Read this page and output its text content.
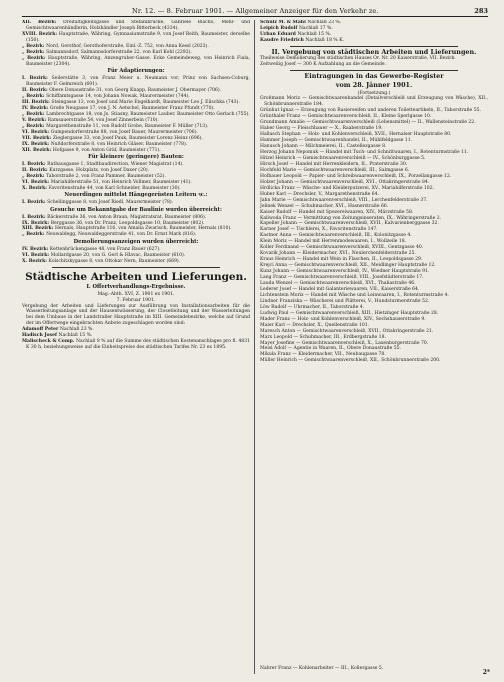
Nr. 12. — 8. Februar 1901. — Allgemeiner Anzeiger für den Verkehr ze.	283

XII. Bezirk: Dreifaltigkeitsgasse und Stefanibrücke, Gabriele Blacho, Mehl- und Gemischtwaarenhändlerin, Holzhändler Joseph Bitterbeck (4334).

XVIII. Bezirk: Hauptstraße, Währing, Gymnasiumstraße 9, von Josef Beith, Baumeister, derselbe (150).

„ Bezirk: Nord, Gersthof, Gersthoferstraße, Einl.-Z. 752, von Anna Kessl (2023).

„ Bezirk: Salmannsdorf, Salmannsdorferstraße 22, von Karl Kohl (2292).

„ Bezirk: Hauptstraße, Währing, Anzengruber-Gasse, Ecke Gemeindeweg, von Heinrich Fiala, Baumeister (2304).

Für Adaptierungen:

I. Bezirk: Seilerstätte 3, von Franz Meier u. Neumann vor, Prinz von Sachsen-Coburg, Baumeister F. Gelmreich (691).

II. Bezirk: Obere Donaustraße 31, von Georg Knapp, Baumeister J. Obermayer (706).

„ Bezirk: Schiffamtsgasse 14, von Johann Nowak, Maurermeister (744).

III. Bezirk: Steingasse 13, von Josef und Marie Engelhardt, Baumeister Leo J. Elischka (743).

IV. Bezirk: Große Neugasse 17, von J. N. Aetschel, Baumeister Franz Pfundt (770).

„ Bezirk: Lambrechtgasse 18, von Js. Stiasny, Baumeister Lauber, Baumeister Otto Gerlach (755).

V. Bezirk: Ramsauerstraße 54, von Josef Zinnerbein (710).

„ Bezirk: Margarethenstraße 11, von Rudolf Grobe, Baumeister F. Müller (713).

VI. Bezirk: Gumpendorferstraße 88, von Josef Bauer, Maurermeister (706).

VII. Bezirk: Zieglergasse 33, von Josef Pauk, Baumeister Lorenz Heinz (696).

IX. Bezirk: Nußdorferstraße 8, von Heinrich Gläser, Baumeister (778).

XII. Bezirk: Hofgasse 9, von Anton Gräf, Baumeister (771).

Für kleinere (geringere) Bauten:

I. Bezirk: Rathausgasse 1, Stadtbaudirection, Wiener Magistrat (14).

II. Bezirk: Kurzgasse, Holzplatz, von Josef Daxer (20).

„ Bezirk: Taborstraße 2, von Franz Pammer, Baumeister (52).

VI. Bezirk: Mariahilferstraße 51, von Heinrich Vollmer, Baumeister (41).

X. Bezirk: Favoritenstraße 44, von Karl Schneider, Baumeister (30).

Neuerdingen mittelst Hängegerüsten Leitern ꝛc.:

I. Bezirk: Schellinggasse 8, von Josef Riedl, Maurermeister (78).

Gesuche um Bekanntgabe der Baulinie wurden überreicht:

I. Bezirk: Bäckerstraße 36, von Anton Braun, Magistratsrat, Baumeister (806).

IX. Bezirk: Berggasse 36, von Dr. Pranz, Leopoldsgasse 10, Baumeister (802).

XIII. Bezirk: Hernals, Hauptstraße 116, von Amalia Zwarisch, Baumeister, Hernals (810).

„ Bezirk: Neuwaldegg, Neuwaldeggerstraße 41, von Dr. Ernst Mark (816).

Demolierungsanzeigen wurden überreicht:

IV. Bezirk: Kettenbrückengasse 48, von Franz Bauer (627).

VI. Bezirk: Mollardgasse 20, von G. Gerl & Hlavac, Baumeister (610).

X. Bezirk: Kolschitzkygasse 8, von Ottokar Nern, Baumeister (669).

Städtische Arbeiten und Lieferungen.

I. Offertverhandlungs-Ergebnisse.

Mag.-Abth. XVI, Z. 1901 ex 1901.

7. Februar 1901.

Vergebung der Arbeiten und Lieferungen zur Ausführung von Installationsarbeiten für die Wasserleitungsanlage und der Hausentwässerung, der Closetleitung und der Wasserleitungen bei dem Umbaue in der Landstraßer Hauptstraße im XIII. Gemeindebezirke, welche auf Grund der im Offertwege eingebrachten Anbote zugeschlagen worden sind:

Adamoff Peter Nachlaß 23 %.

Hadisch Josef Nachlaß 15 %.

Malischeck & Comp. Nachlaß 8 % auf die Summe des städtischen Kostenanschlages pro fl. 4831 K 30 h, beziehungsweise auf die Einheitspreise des städtischen Tarifes Nr. 23 ex 1895.

Schulz M. & Stahl Nachlaß 23 %.

Leipich Rudolf Nachlaß 17 %.

Urban Eduard Nachlaß 15 %.

Kaudre Friedrich Nachlaß 18 % K.

II. Vergebung von städtischen Arbeiten und Lieferungen.

Theilweise Demolierung des städtischen Hauses Or. Nr. 20 Kaiserstraße, VII. Bezirk.

Zeitweilig Josef — 300 K Aufzahlung an die Gemeinde.

Eintragungen in das Gewerbe-Register

vom 28. Jänner 1901.

(Fortsetzung.)

Großmann Moriz — Gemischtwaarenhandel (Detailverschleiß und Erzeugung von Wäsche), XII., Schönbrunnerstraße 184.

Grünhut Ignaz — Erzeugung von Rasierseifen und anderen Toiletteartikeln, II., Taborstraße 55.

Grünthaler Franz — Gemischtwaarenverschleiß, II., Kleine Sperlgasse 10.

Grundmann Amalie — Gemischtwaarenverschleiß (Lebensmittel) — II., Wallensteinstraße 22.

Haber Georg — Fleischhauer — X., Raaberstraße 19.

Hallasch Stephan — Holz- und Kohlenverschleiß, XVII., Hernalser Hauptstraße 80.

Hammer Joseph — Gemischtwaarenhandel, II., Mühlfeldgasse 11.

Hanusch Johann — Milchmeierei, II., Castellezgasse 8.

Herzog Johann Nepomuk — Handel mit Tuch- und Schnittwaaren, I., Rotenturmstraße 11.

Hitzel Heinrich — Gemischtwaarenverschleiß — IV., Schönburggasse 5.

Hirsch Josef — Handel mit Herrenkleidern, II., Praterstraße 30.

Hochfeld Marie — Gemischtwaarenverschleiß, III., Salmgasse 6.

Hofbauer Leopold — Papier- und Schreibwaarenverschleiß, IX., Porzellangasse 12.

Holzer Johann — Gemischtwaarenverschleiß, XVI., Ottakringerstraße 84.

Hrdlicka Franz — Wäsche- und Kleiderputzerei, XV., Mariahilferstraße 182.

Huber Karl — Drechsler, V., Margarethenstraße 64.

Jahn Marie — Gemischtwaarenverschleiß, VIII., Lerchenfelderstraße 37.

Jelinek Wenzel — Schuhmacher, XVI., Hasnerstraße 66.

Kaiser Rudolf — Handel mit Spezereiwaaren, XIV., Märzstraße 58.

Kaliwoda Franz — Vermittlung von Zeitungsinseraten, IX., Währingerstraße 2.

Kapeller Johann — Gemischtwaarenverschleiß, XVII., Kalvarienberggasse 32.

Karner Josef — Tischlerei, X., Favoritenstraße 147.

Kastner Anna — Gemischtwaarenverschleiß, III., Kolonitzgasse 4.

Klein Moriz — Handel mit Herrenmodewaaren, I., Wollzeile 18.

Koller Ferdinand — Gemischtwaarenverschleiß, XVIII., Gentzgasse 40.

Kovarik Johann — Kleidermacher, XVI., Neulerchenfelderstraße 25.

Kraus Heinrich — Handel mit Wein in Flaschen, II., Leopoldsgasse 29.

Krejci Anna — Gemischtwaarenverschleiß, XII., Meidlinger Hauptstraße 12.

Kunz Johann — Gemischtwaarenverschleiß, IV., Wiedner Hauptstraße 91.

Lang Franz — Gemischtwaarenverschleiß, VIII., Josefstädterstraße 17.

Lauda Wenzel — Gemischtwaarenverschleiß, XVI., Thaliastraße 46.

Lederer Josef — Handel mit Galanteriewaaren, VII., Kaiserstraße 64.

Lichtenstein Moriz — Handel mit Wäsche und Leinwaaren, I., Rotenturmstraße 4.

Lindner Franziska — Wäscherei und Plätterei, V., Hundsturmerstraße 52.

Löw Rudolf — Uhrmacher, II., Taborstraße 4.

Ludwig Paul — Gemischtwaarenverschleiß, XIII., Hietzinger Hauptstraße 28.

Mader Franz — Holz- und Kohlenverschleiß, XIV., Sechshauserstraße 9.

Maier Karl — Drechsler, X., Quellenstraße 101.

Maresch Anton — Gemischtwaarenverschleiß, XVII., Ottakringerstraße 21.

Marx Leopold — Schuhmacher, III., Erdbergstraße 18.

Mayer Josefine — Gemischtwaarenverschleiß, X., Laxenburgerstraße 70.

Meisl Adolf — Agentie in Waaren, II., Obere Donaustraße 55.

Mikula Franz — Kleidermacher, VII., Neubaugasse 78.

Müller Heinrich — Gemischtwaarenverschleiß, XII., Schönbrunnerstraße 200.

Nahrer Franz — Kohlenarbeiter — III., Kollergasse 5.

2*
